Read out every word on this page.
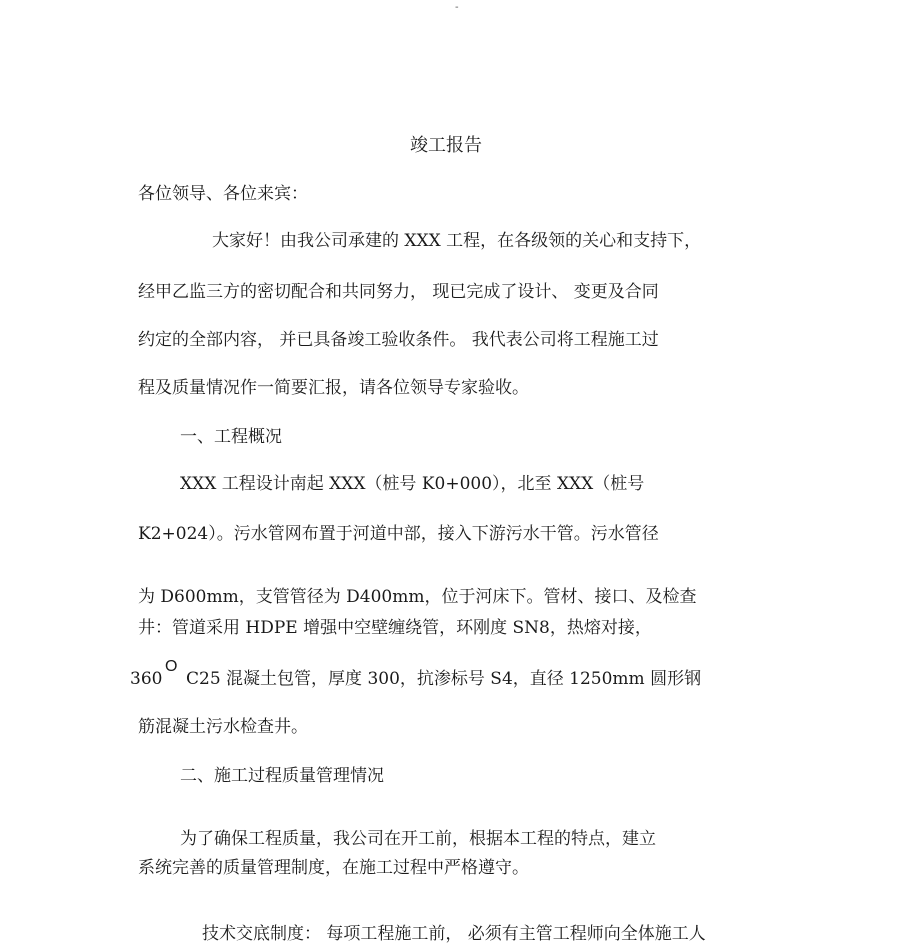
-
竣工报告
各位领导、各位来宾：
大家好！由我公司承建的 XXX 工程，在各级领的关心和支持下，
经甲乙监三方的密切配合和共同努力， 现已完成了设计、 变更及合同
约定的全部内容， 并已具备竣工验收条件。 我代表公司将工程施工过
程及质量情况作一简要汇报，请各位领导专家验收。
一、工程概况
XXX 工程设计南起 XXX（桩号 K0+000），北至 XXX（桩号
K2+024）。污水管网布置于河道中部，接入下游污水干管。污水管径
为 D600mm，支管管径为 D400mm，位于河床下。管材、接口、及检查
井：管道采用 HDPE 增强中空壁缠绕管，环刚度 SN8，热熔对接，
360
O
C25 混凝土包管，厚度 300，抗渗标号 S4，直径 1250mm 圆形钢
筋混凝土污水检查井。
二、施工过程质量管理情况
为了确保工程质量，我公司在开工前，根据本工程的特点，建立
系统完善的质量管理制度，在施工过程中严格遵守。
技术交底制度： 每项工程施工前， 必须有主管工程师向全体施工人
